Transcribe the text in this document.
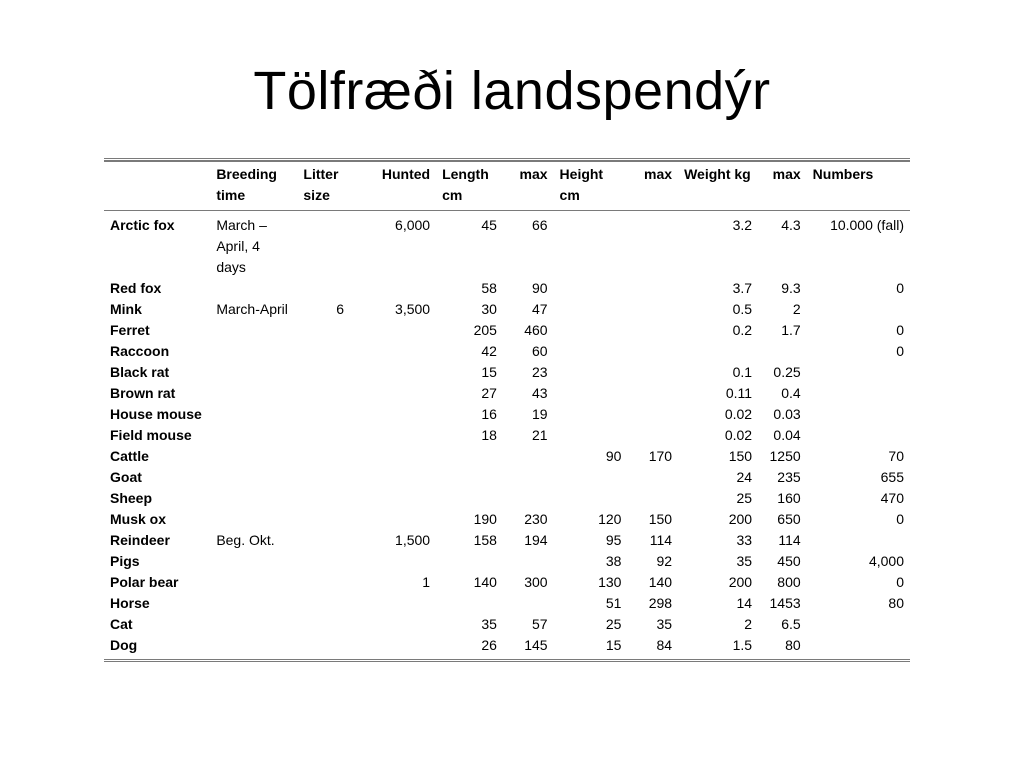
Tölfræði landspendýr

	Breeding time	Litter size	Hunted	Length cm	max	Height cm	max	Weight kg	max	Numbers
Arctic fox	March – April, 4 days		6,000	45	66			3.2	4.3	10.000 (fall)
Red fox				58	90			3.7	9.3	0
Mink	March-April	6	3,500	30	47			0.5	2	
Ferret				205	460			0.2	1.7	0
Raccoon				42	60					0
Black rat				15	23			0.1	0.25	
Brown rat				27	43			0.11	0.4	
House mouse				16	19			0.02	0.03	
Field mouse				18	21			0.02	0.04	
Cattle						90	170	150	1250	70
Goat								24	235	655
Sheep								25	160	470
Musk ox				190	230	120	150	200	650	0
Reindeer	Beg. Okt.		1,500	158	194	95	114	33	114	
Pigs						38	92	35	450	4,000
Polar bear			1	140	300	130	140	200	800	0
Horse						51	298	14	1453	80
Cat				35	57	25	35	2	6.5	
Dog				26	145	15	84	1.5	80	
